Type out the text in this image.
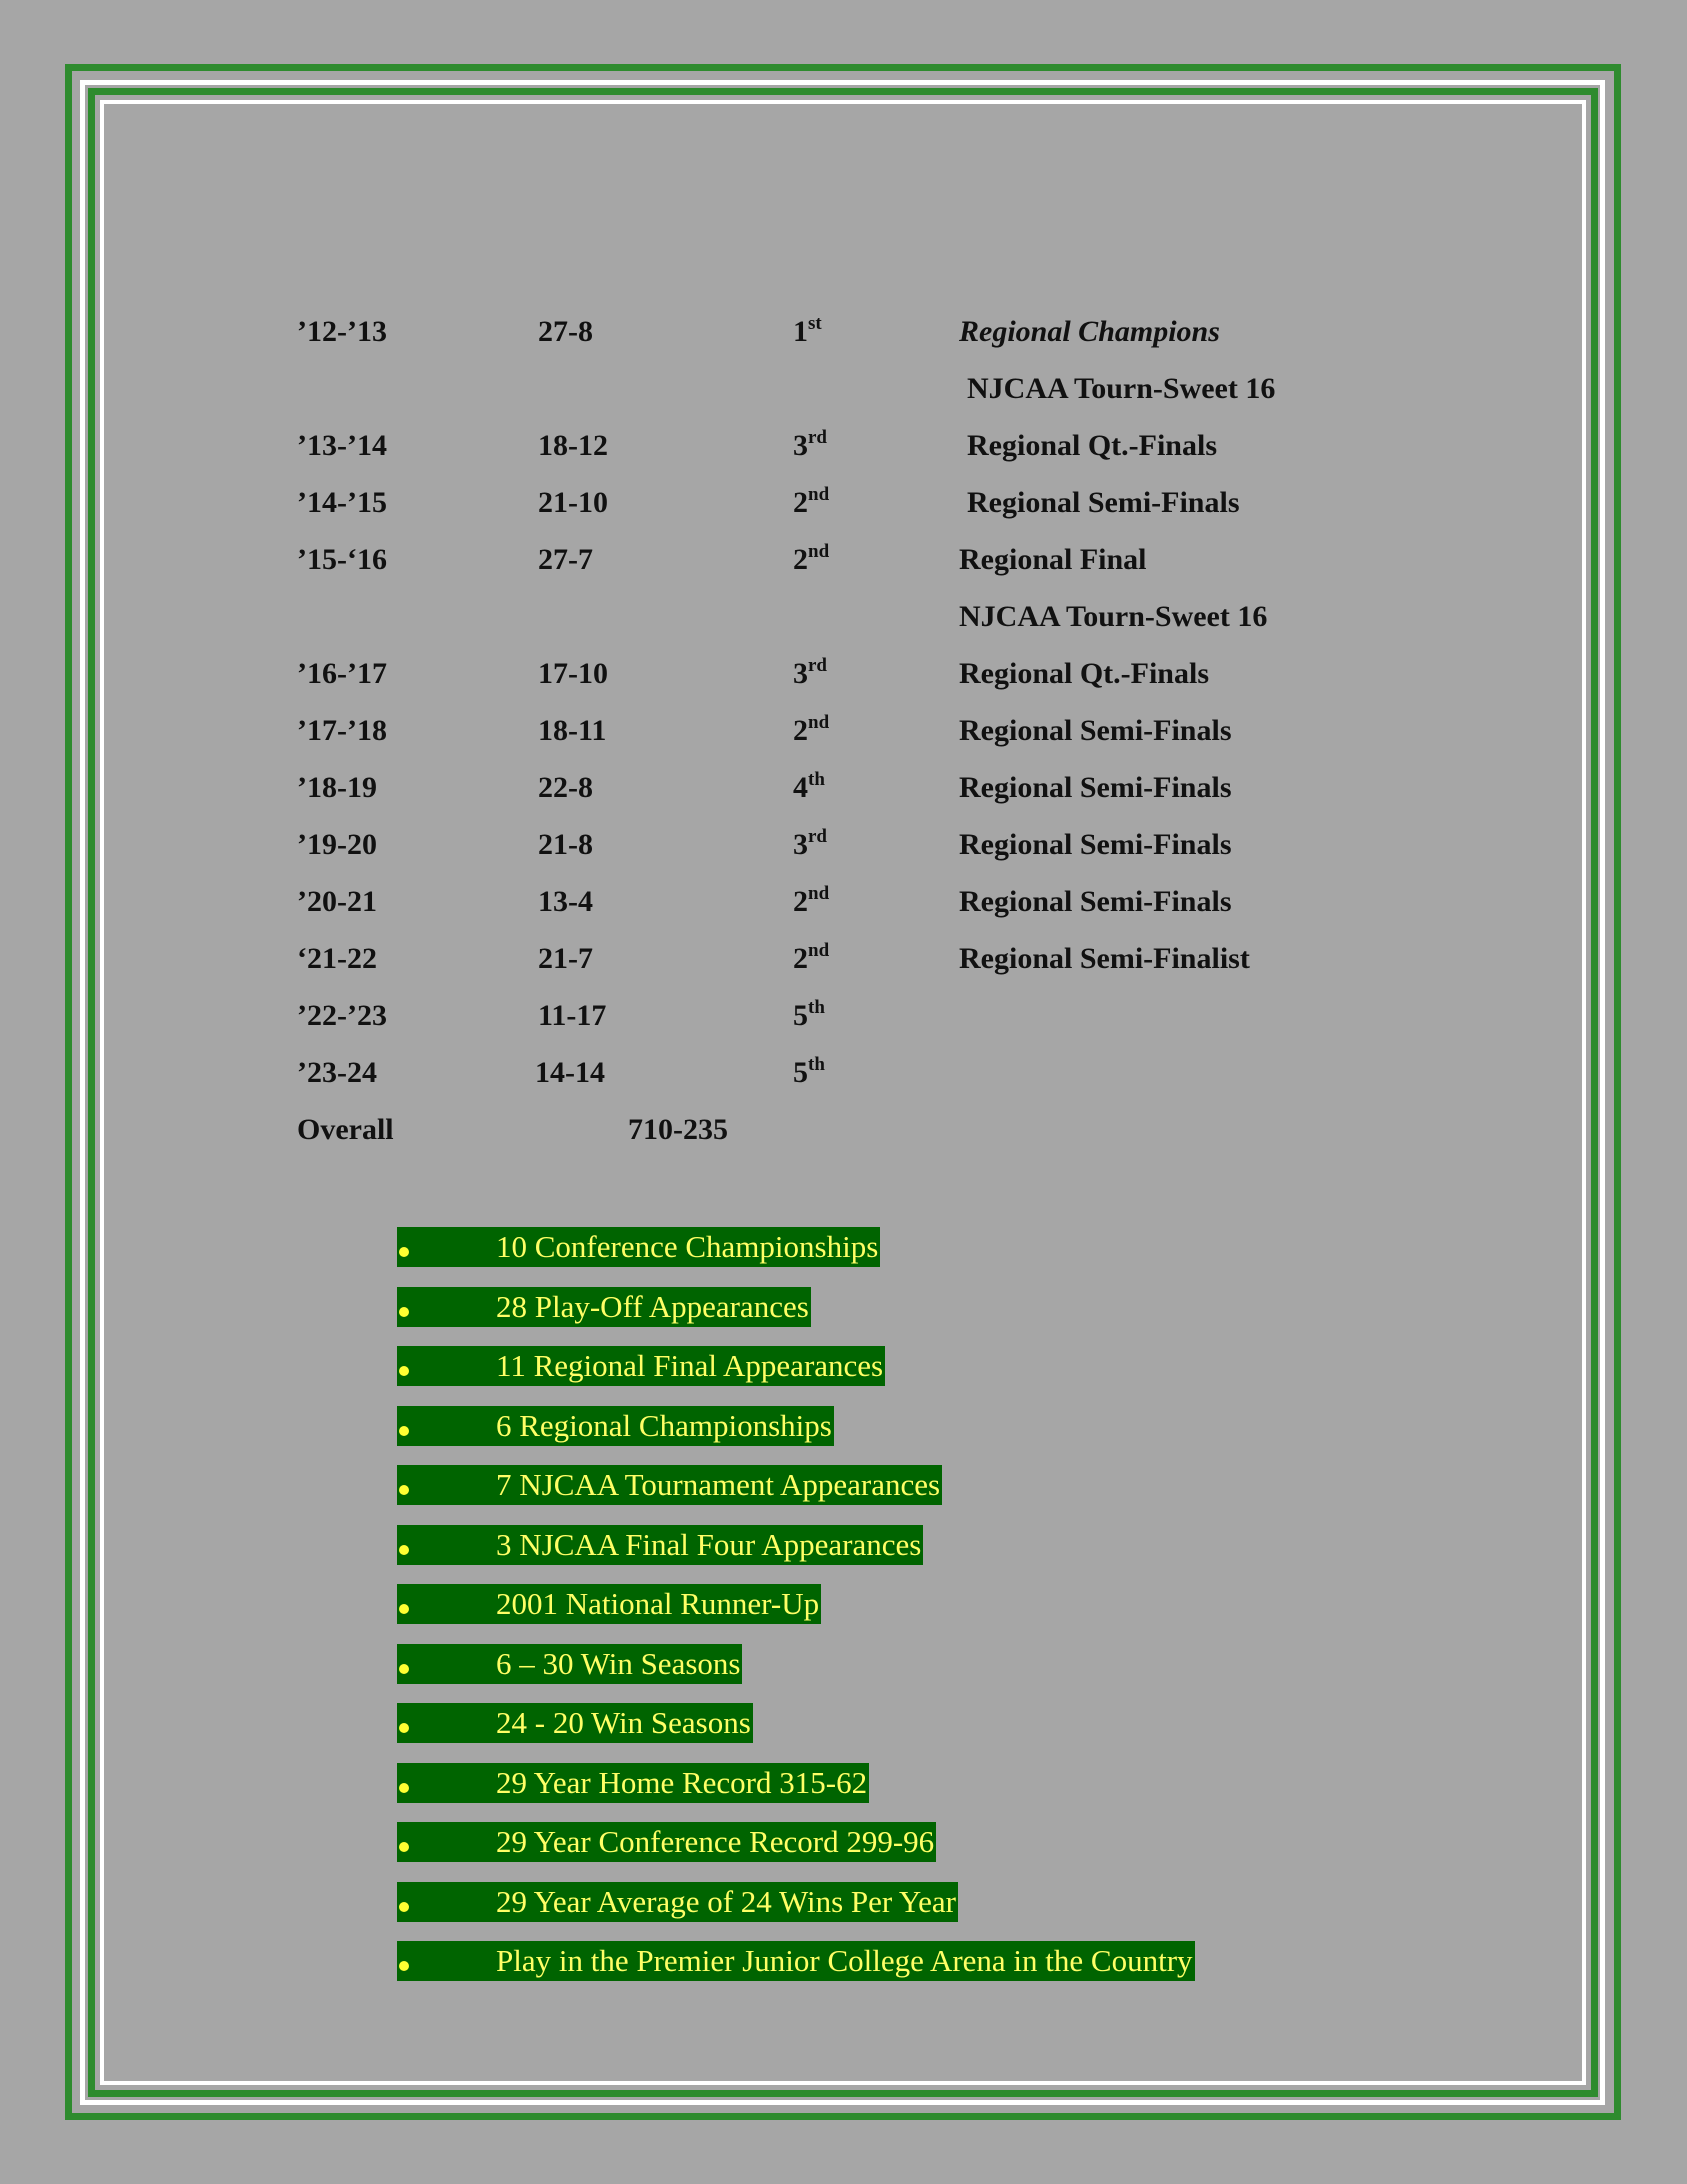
’12-’13	27-8	1st	Regional Champions
NJCAA Tourn-Sweet 16
’13-’14	18-12	3rd	Regional Qt.-Finals
’14-’15	21-10	2nd	Regional Semi-Finals
’15-‘16	27-7	2nd	Regional Final
NJCAA Tourn-Sweet 16
’16-’17	17-10	3rd	Regional Qt.-Finals
’17-’18	18-11	2nd	Regional Semi-Finals
’18-19	22-8	4th	Regional Semi-Finals
’19-20	21-8	3rd	Regional Semi-Finals
’20-21	13-4	2nd	Regional Semi-Finals
‘21-22	21-7	2nd	Regional Semi-Finalist
’22-’23	11-17	5th
’23-24	14-14	5th
Overall	710-235
10 Conference Championships
28 Play-Off Appearances
11 Regional Final Appearances
6 Regional Championships
7 NJCAA Tournament Appearances
3 NJCAA Final Four Appearances
2001 National Runner-Up
6 – 30 Win Seasons
24 - 20 Win Seasons
29 Year Home Record 315-62
29 Year Conference Record 299-96
29 Year Average of 24 Wins Per Year
Play in the Premier Junior College Arena in the Country
